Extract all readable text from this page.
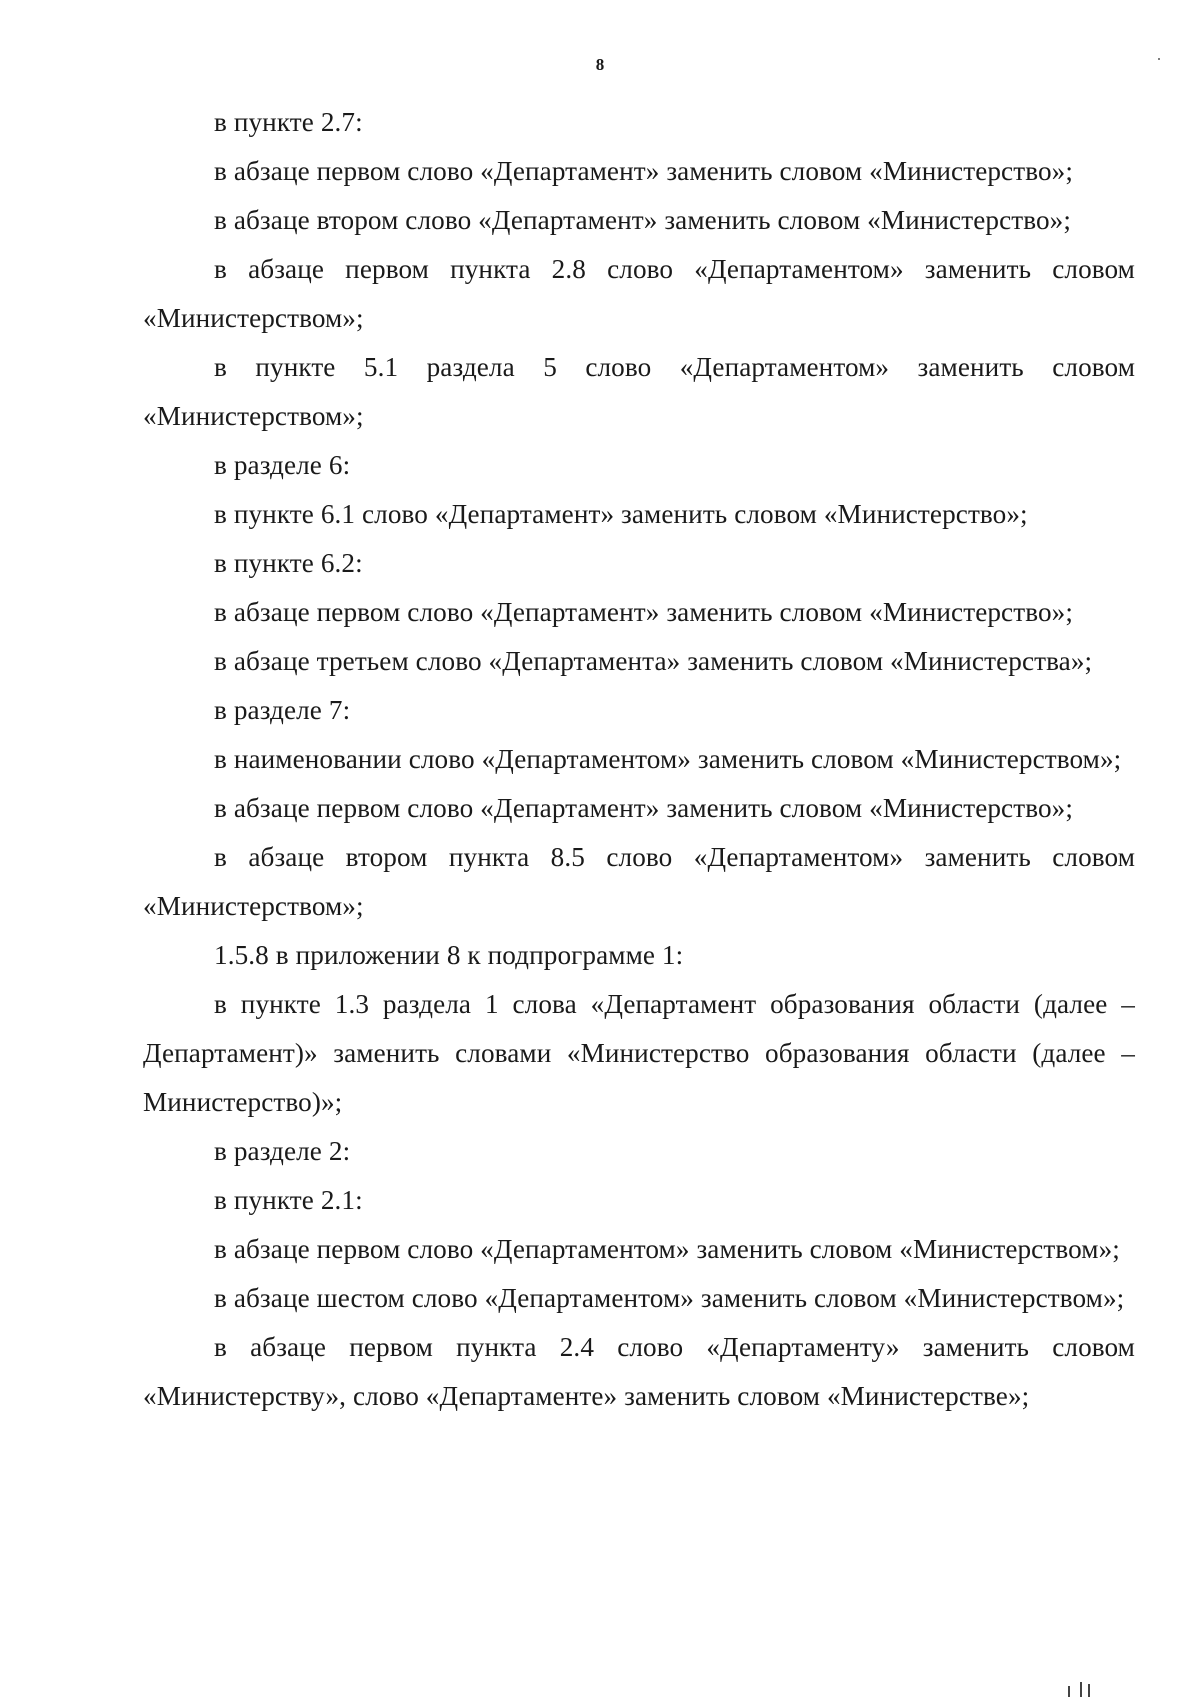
8

в пункте 2.7:

в абзаце первом слово «Департамент» заменить словом «Министерство»;

в абзаце втором слово «Департамент» заменить словом «Министерство»;

в абзаце первом пункта 2.8 слово «Департаментом» заменить словом «Министерством»;

в пункте 5.1 раздела 5 слово «Департаментом» заменить словом «Министерством»;

в разделе 6:

в пункте 6.1 слово «Департамент» заменить словом «Министерство»;

в пункте 6.2:

в абзаце первом слово «Департамент» заменить словом «Министерство»;

в абзаце третьем слово «Департамента» заменить словом «Министерства»;

в разделе 7:

в наименовании слово «Департаментом» заменить словом «Министерством»;

в абзаце первом слово «Департамент» заменить словом «Министерство»;

в абзаце втором пункта 8.5 слово «Департаментом» заменить словом «Министерством»;

1.5.8 в приложении 8 к подпрограмме 1:

в пункте 1.3 раздела 1 слова «Департамент образования области (далее – Департамент)» заменить словами «Министерство образования области (далее – Министерство)»;

в разделе 2:

в пункте 2.1:

в абзаце первом слово «Департаментом» заменить словом «Министерством»;

в абзаце шестом слово «Департаментом» заменить словом «Министерством»;

в абзаце первом пункта 2.4 слово «Департаменту» заменить словом «Министерству», слово «Департаменте» заменить словом «Министерстве»;
